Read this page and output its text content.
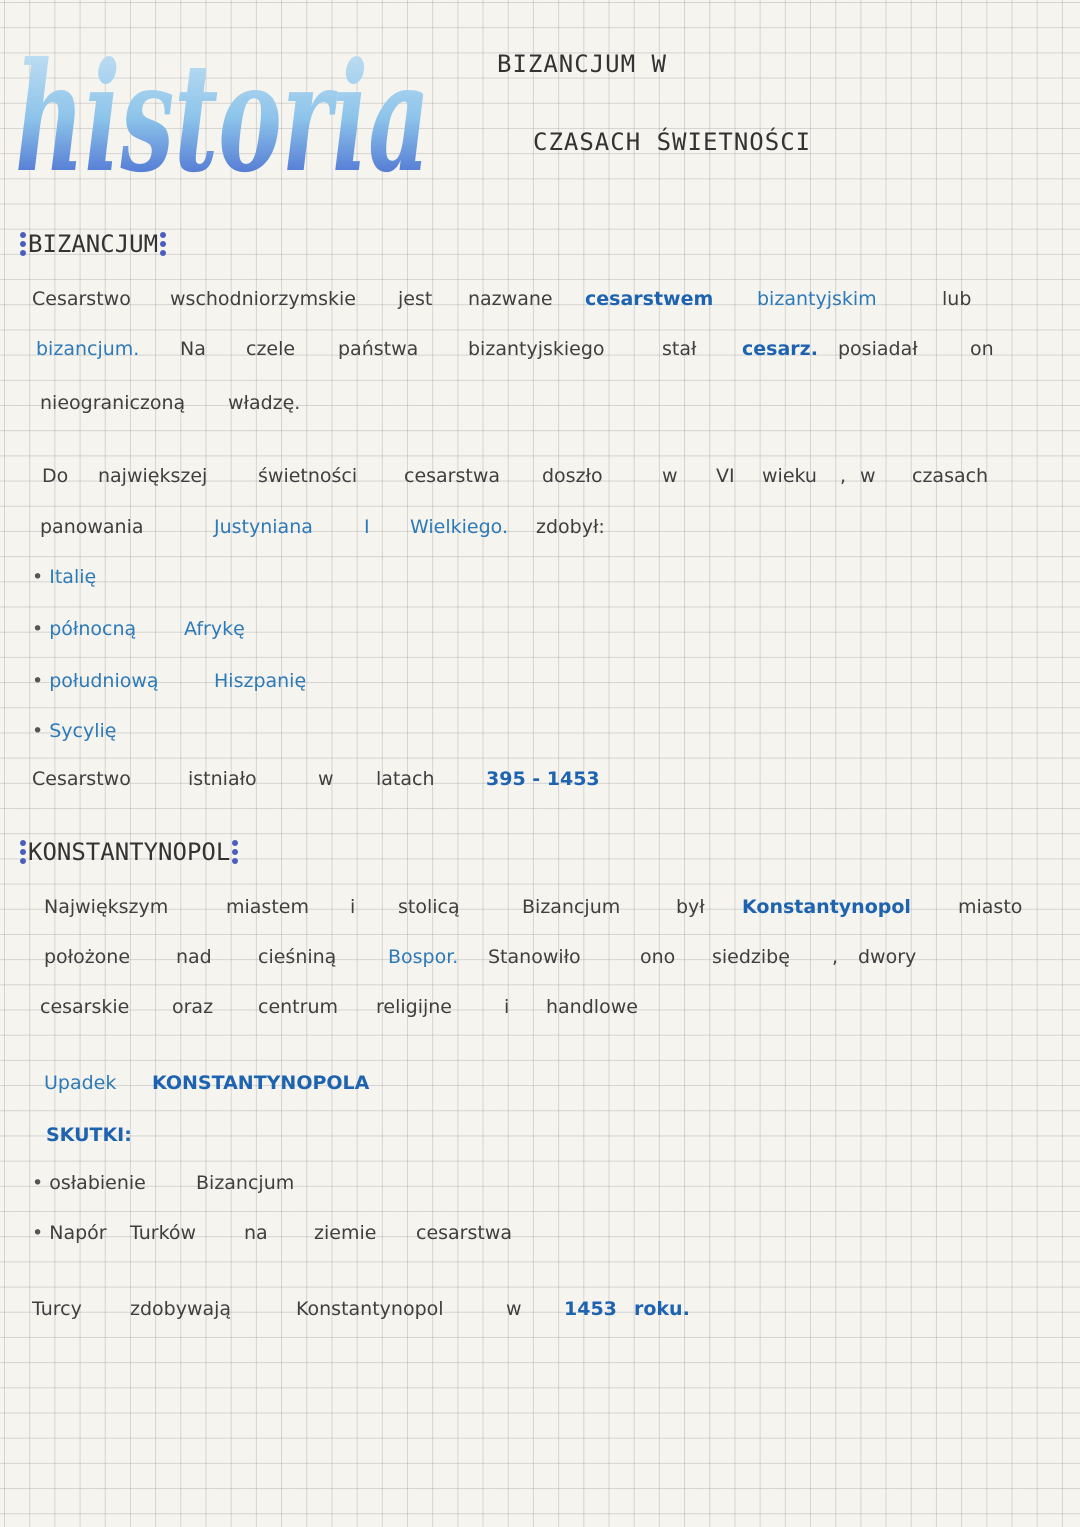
historia	BIZANCJUM W
CZASACH ŚWIETNOŚCI
BIZANCJUM
Cesarstwo wschodniorzymskie jest nazwane cesarstwem bizantyjskim	lub
bizancjum. Na czele państwa	bizantyjskiego	stał cesarz. posiadał	on
nieograniczoną władzę.
Do największej	świetności cesarstwa doszło	w VI wieku , w czasach
panowania	Justyniana	I Wielkiego. zdobył:
• Italię
• północną	Afrykę
• południową	Hiszpanię
• Sycylię
Cesarstwo	istniało	w latach	395 - 1453
KONSTANTYNOPOL
Największym	miastem i stolicą	Bizancjum	był Konstantynopol miasto
położone nad cieśniną	Bospor. Stanowiło	ono siedzibę , dwory
cesarskie oraz centrum religijne	i handlowe
Upadek KONSTANTYNOPOLA
SKUTKI:
• osłabienie	Bizancjum
• Napór Turków	na ziemie cesarstwa
Turcy	zdobywają	Konstantynopol	w 1453 roku.
